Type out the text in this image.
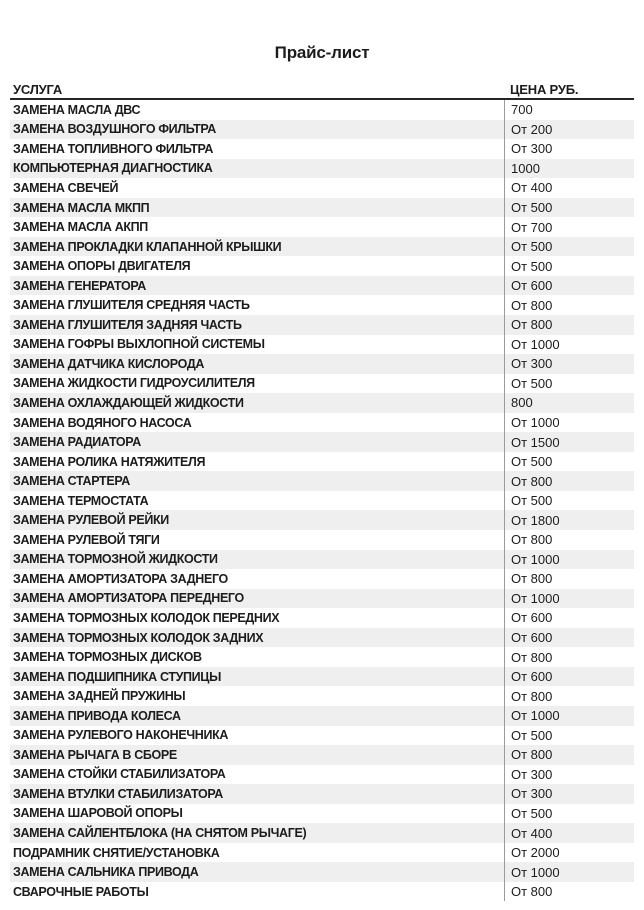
Прайс-лист
УСЛУГА	ЦЕНА РУБ.
ЗАМЕНА МАСЛА ДВС	700
ЗАМЕНА ВОЗДУШНОГО ФИЛЬТРА	От 200
ЗАМЕНА ТОПЛИВНОГО ФИЛЬТРА	От 300
КОМПЬЮТЕРНАЯ ДИАГНОСТИКА	1000
ЗАМЕНА СВЕЧЕЙ	От 400
ЗАМЕНА МАСЛА МКПП	От 500
ЗАМЕНА МАСЛА АКПП	От 700
ЗАМЕНА ПРОКЛАДКИ КЛАПАННОЙ КРЫШКИ	От 500
ЗАМЕНА ОПОРЫ ДВИГАТЕЛЯ	От 500
ЗАМЕНА ГЕНЕРАТОРА	От 600
ЗАМЕНА ГЛУШИТЕЛЯ СРЕДНЯЯ ЧАСТЬ	От 800
ЗАМЕНА ГЛУШИТЕЛЯ ЗАДНЯЯ ЧАСТЬ	От 800
ЗАМЕНА ГОФРЫ ВЫХЛОПНОЙ СИСТЕМЫ	От 1000
ЗАМЕНА ДАТЧИКА КИСЛОРОДА	От 300
ЗАМЕНА ЖИДКОСТИ ГИДРОУСИЛИТЕЛЯ	От 500
ЗАМЕНА ОХЛАЖДАЮЩЕЙ ЖИДКОСТИ	800
ЗАМЕНА ВОДЯНОГО НАСОСА	От 1000
ЗАМЕНА РАДИАТОРА	От 1500
ЗАМЕНА РОЛИКА НАТЯЖИТЕЛЯ	От 500
ЗАМЕНА СТАРТЕРА	От 800
ЗАМЕНА ТЕРМОСТАТА	От 500
ЗАМЕНА РУЛЕВОЙ РЕЙКИ	От 1800
ЗАМЕНА РУЛЕВОЙ ТЯГИ	От 800
ЗАМЕНА ТОРМОЗНОЙ ЖИДКОСТИ	От 1000
ЗАМЕНА АМОРТИЗАТОРА ЗАДНЕГО	От 800
ЗАМЕНА АМОРТИЗАТОРА ПЕРЕДНЕГО	От 1000
ЗАМЕНА ТОРМОЗНЫХ КОЛОДОК ПЕРЕДНИХ	От 600
ЗАМЕНА ТОРМОЗНЫХ КОЛОДОК ЗАДНИХ	От 600
ЗАМЕНА ТОРМОЗНЫХ ДИСКОВ	От 800
ЗАМЕНА ПОДШИПНИКА СТУПИЦЫ	От 600
ЗАМЕНА ЗАДНЕЙ ПРУЖИНЫ	От 800
ЗАМЕНА ПРИВОДА КОЛЕСА	От 1000
ЗАМЕНА РУЛЕВОГО НАКОНЕЧНИКА	От 500
ЗАМЕНА РЫЧАГА В СБОРЕ	От 800
ЗАМЕНА СТОЙКИ СТАБИЛИЗАТОРА	От 300
ЗАМЕНА ВТУЛКИ СТАБИЛИЗАТОРА	От 300
ЗАМЕНА ШАРОВОЙ ОПОРЫ	От 500
ЗАМЕНА САЙЛЕНТБЛОКА (НА СНЯТОМ РЫЧАГЕ)	От 400
ПОДРАМНИК СНЯТИЕ/УСТАНОВКА	От 2000
ЗАМЕНА САЛЬНИКА ПРИВОДА	От 1000
СВАРОЧНЫЕ РАБОТЫ	От 800
